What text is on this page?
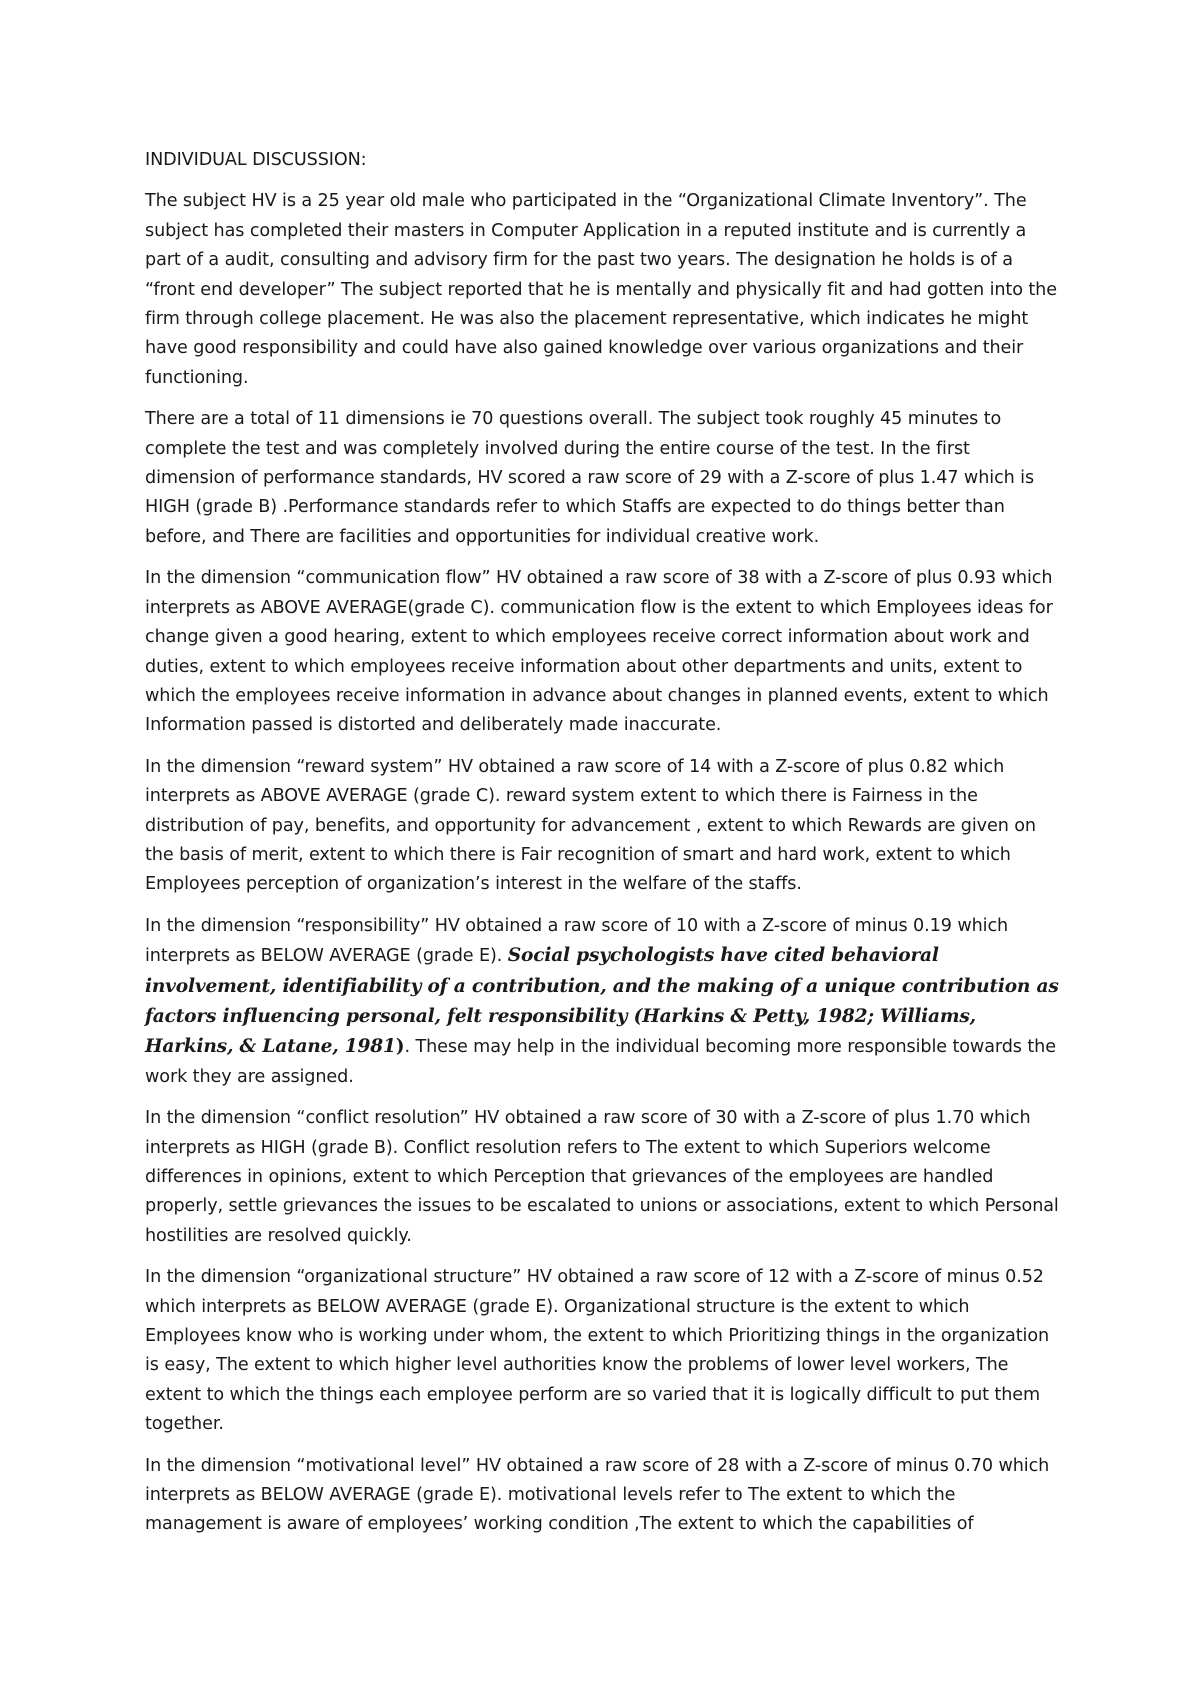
INDIVIDUAL DISCUSSION:

The subject HV is a 25 year old male who participated in the “Organizational Climate Inventory”. The subject has completed their masters in Computer Application in a reputed institute and is currently a part of a audit, consulting and advisory firm for the past two years. The designation he holds is of a “front end developer” The subject reported that he is mentally and physically fit and had gotten into the firm through college placement. He was also the placement representative, which indicates he might have good responsibility and could have also gained knowledge over various organizations and their functioning.

There are a total of 11 dimensions ie 70 questions overall. The subject took roughly 45 minutes to complete the test and was completely involved during the entire course of the test. In the first dimension of performance standards, HV scored a raw score of 29 with a Z-score of plus 1.47 which is HIGH (grade B) .Performance standards refer to which Staffs are expected to do things better than before, and There are facilities and opportunities for individual creative work.

In the dimension “communication flow” HV obtained a raw score of 38 with a Z-score of plus 0.93 which interprets as ABOVE AVERAGE(grade C). communication flow is the extent to which Employees ideas for change given a good hearing, extent to which employees receive correct information about work and duties, extent to which employees receive information about other departments and units, extent to which the employees receive information in advance about changes in planned events, extent to which Information passed is distorted and deliberately made inaccurate.

In the dimension “reward system” HV obtained a raw score of 14 with a Z-score of plus 0.82 which interprets as ABOVE AVERAGE (grade C). reward system extent to which there is Fairness in the distribution of pay, benefits, and opportunity for advancement , extent to which Rewards are given on the basis of merit, extent to which there is Fair recognition of smart and hard work, extent to which Employees perception of organization’s interest in the welfare of the staffs.

In the dimension “responsibility” HV obtained a raw score of 10 with a Z-score of minus 0.19 which interprets as BELOW AVERAGE (grade E). Social psychologists have cited behavioral involvement, identifiability of a contribution, and the making of a unique contribution as factors influencing personal, felt responsibility (Harkins & Petty, 1982; Williams, Harkins, & Latane, 1981). These may help in the individual becoming more responsible towards the work they are assigned.

In the dimension “conflict resolution” HV obtained a raw score of 30 with a Z-score of plus 1.70 which interprets as HIGH (grade B). Conflict resolution refers to The extent to which Superiors welcome differences in opinions, extent to which Perception that grievances of the employees are handled properly, settle grievances the issues to be escalated to unions or associations, extent to which Personal hostilities are resolved quickly.

In the dimension “organizational structure” HV obtained a raw score of 12 with a Z-score of minus 0.52 which interprets as BELOW AVERAGE (grade E). Organizational structure is the extent to which Employees know who is working under whom, the extent to which Prioritizing things in the organization is easy, The extent to which higher level authorities know the problems of lower level workers, The extent to which the things each employee perform are so varied that it is logically difficult to put them together.

In the dimension “motivational level” HV obtained a raw score of 28 with a Z-score of minus 0.70 which interprets as BELOW AVERAGE (grade E). motivational levels refer to The extent to which the management is aware of employees’ working condition ,The extent to which the capabilities of
